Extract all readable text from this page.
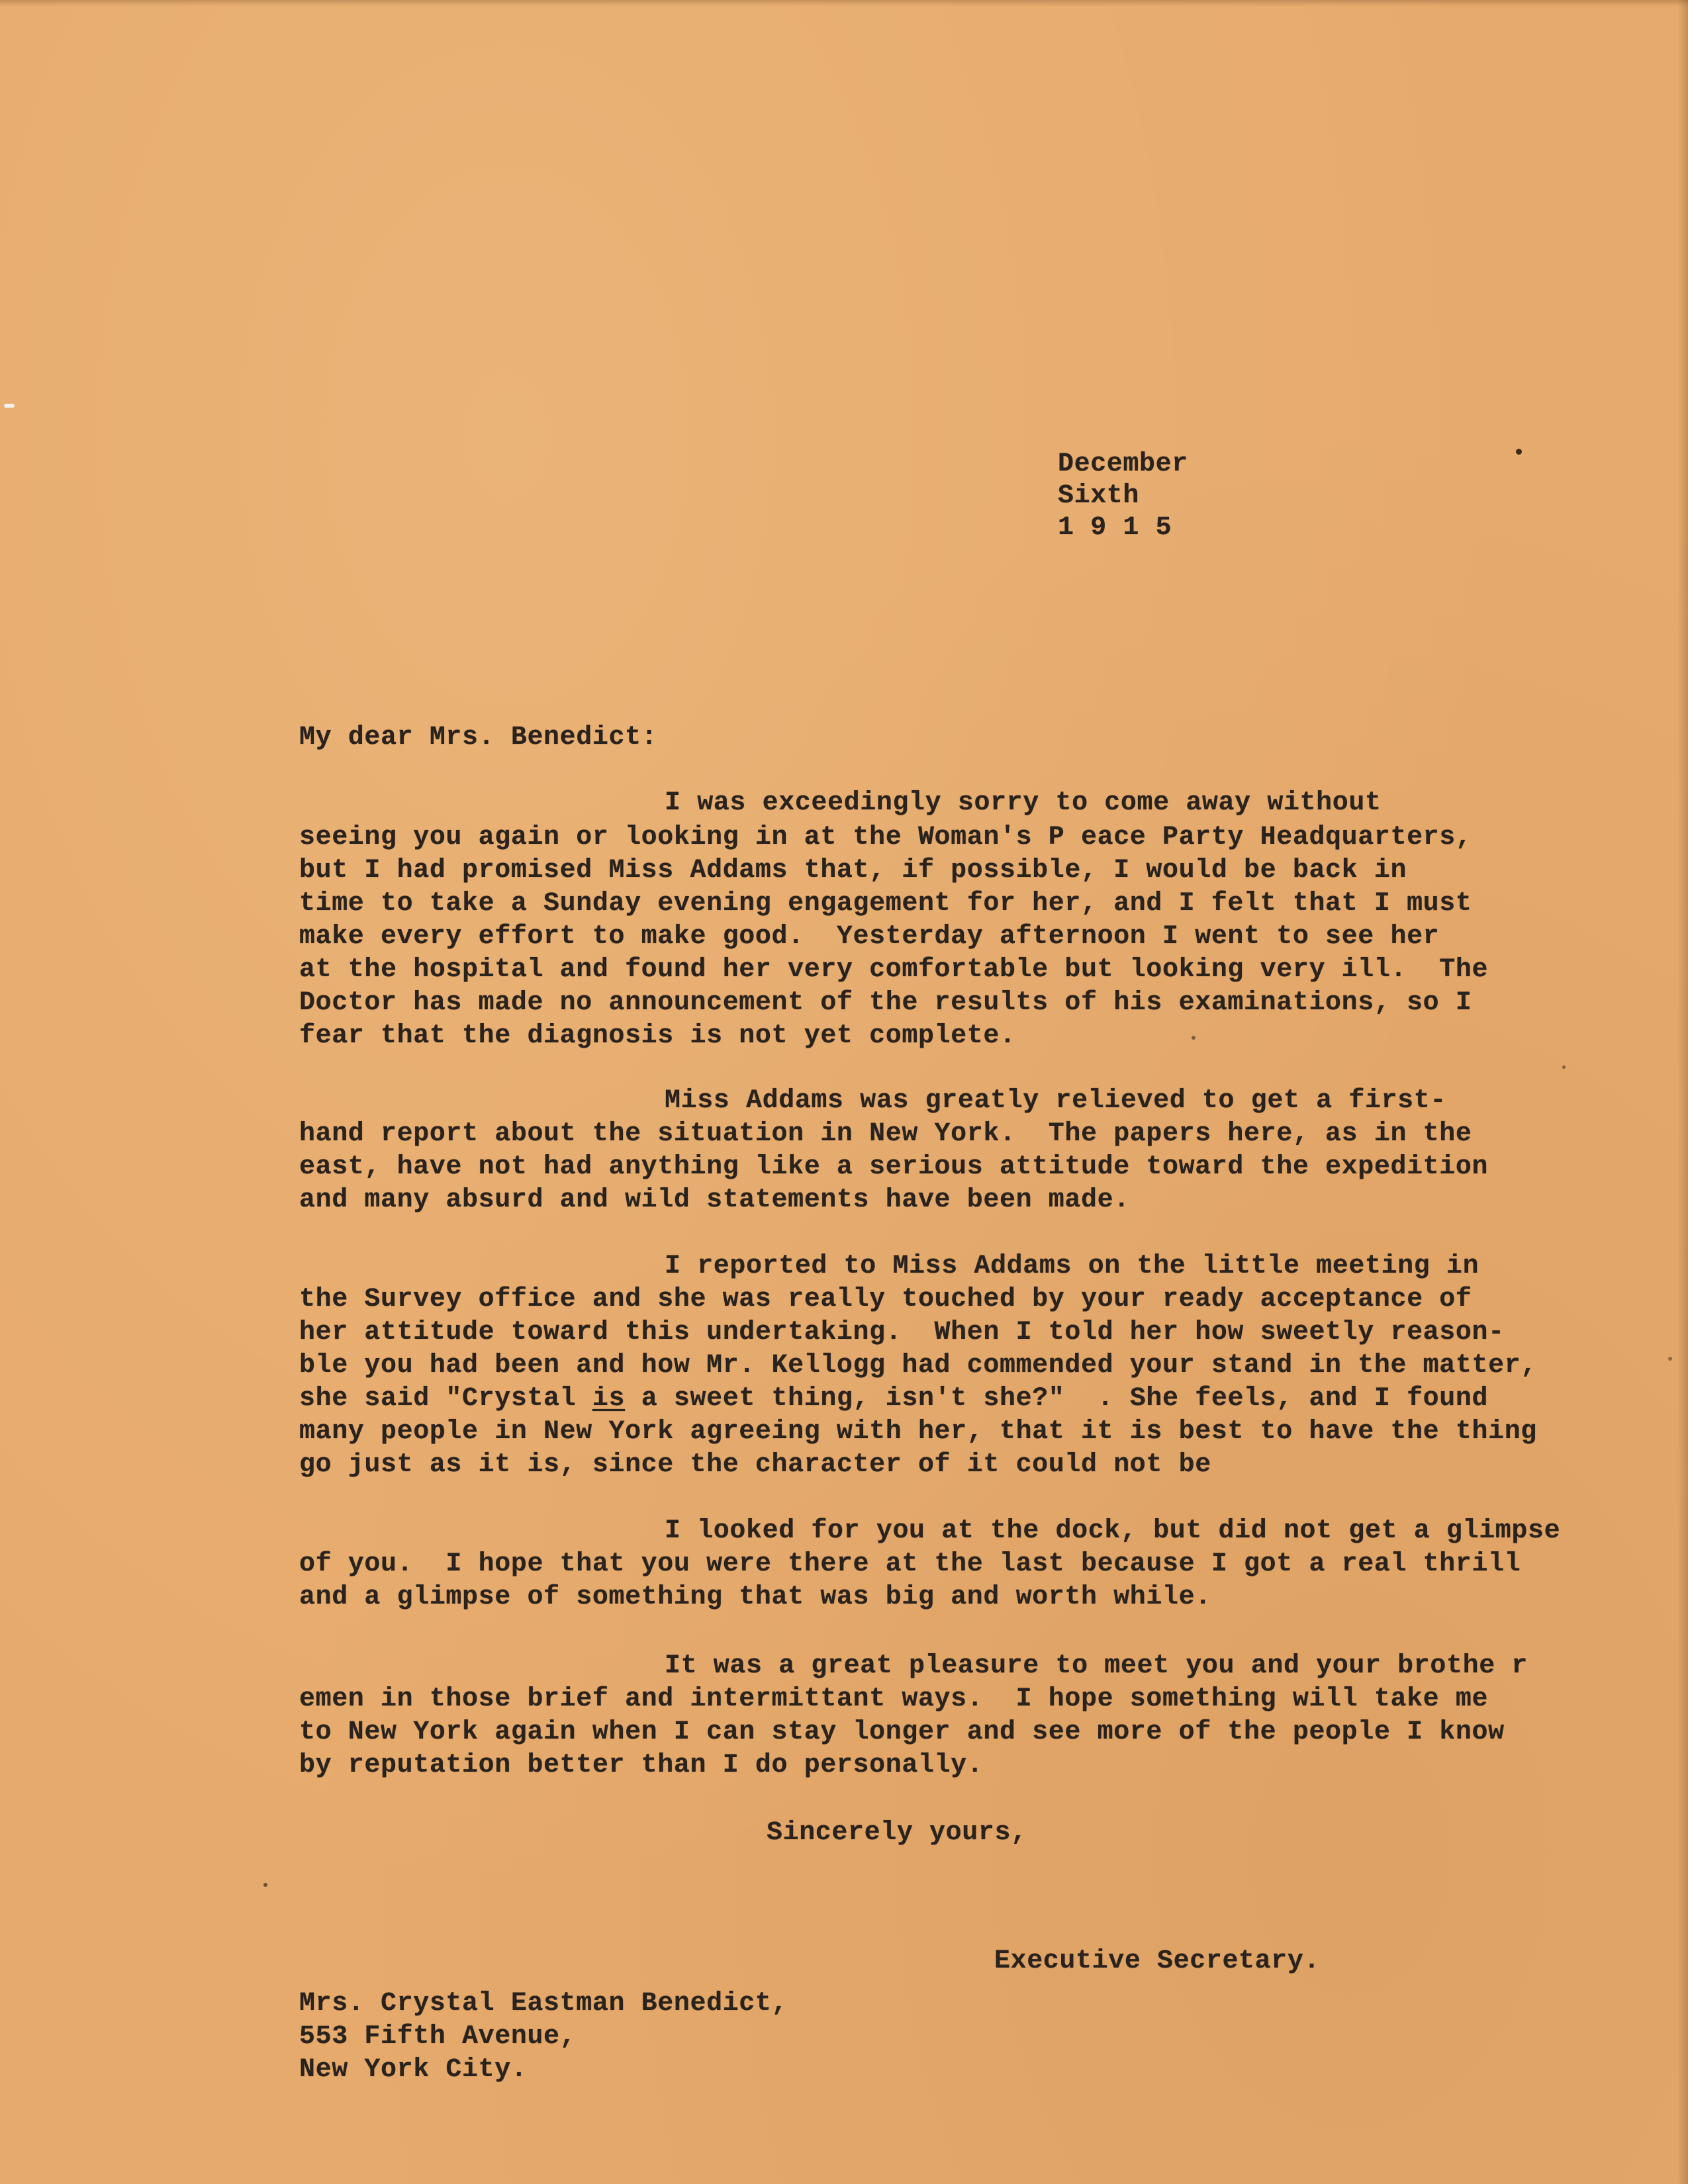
December
Sixth
1 9 1 5
My dear Mrs. Benedict:
I was exceedingly sorry to come away without
seeing you again or looking in at the Woman's P eace Party Headquarters,
but I had promised Miss Addams that, if possible, I would be back in
time to take a Sunday evening engagement for her, and I felt that I must
make every effort to make good.  Yesterday afternoon I went to see her
at the hospital and found her very comfortable but looking very ill.  The
Doctor has made no announcement of the results of his examinations, so I
fear that the diagnosis is not yet complete.
Miss Addams was greatly relieved to get a first-
hand report about the situation in New York.  The papers here, as in the
east, have not had anything like a serious attitude toward the expedition
and many absurd and wild statements have been made.
I reported to Miss Addams on the little meeting in
the Survey office and she was really touched by your ready acceptance of
her attitude toward this undertaking.  When I told her how sweetly reason-
ble you had been and how Mr. Kellogg had commended your stand in the matter,
she said "Crystal is a sweet thing, isn't she?"  . She feels, and I found
many people in New York agreeing with her, that it is best to have the thing
go just as it is, since the character of it could not be
I looked for you at the dock, but did not get a glimpse
of you.  I hope that you were there at the last because I got a real thrill
and a glimpse of something that was big and worth while.
It was a great pleasure to meet you and your brothe r
emen in those brief and intermittant ways.  I hope something will take me
to New York again when I can stay longer and see more of the people I know
by reputation better than I do personally.
Sincerely yours,
Executive Secretary.
Mrs. Crystal Eastman Benedict,
553 Fifth Avenue,
New York City.
